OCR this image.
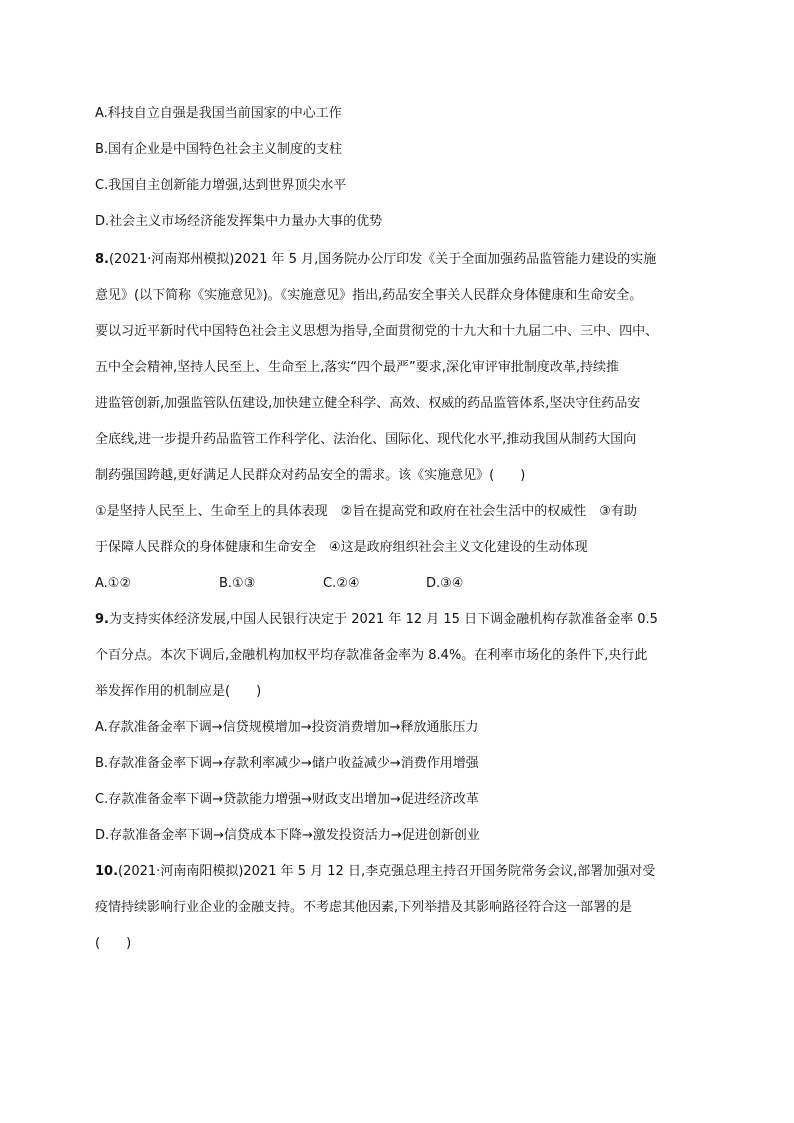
A.科技自立自强是我国当前国家的中心工作
B.国有企业是中国特色社会主义制度的支柱
C.我国自主创新能力增强,达到世界顶尖水平
D.社会主义市场经济能发挥集中力量办大事的优势
8.(2021·河南郑州模拟)2021 年 5 月,国务院办公厅印发《关于全面加强药品监管能力建设的实施
意见》(以下简称《实施意见》)。《实施意见》指出,药品安全事关人民群众身体健康和生命安全。
要以习近平新时代中国特色社会主义思想为指导,全面贯彻党的十九大和十九届二中、三中、四中、
五中全会精神,坚持人民至上、生命至上,落实“四个最严”要求,深化审评审批制度改革,持续推
进监管创新,加强监管队伍建设,加快建立健全科学、高效、权威的药品监管体系,坚决守住药品安
全底线,进一步提升药品监管工作科学化、法治化、国际化、现代化水平,推动我国从制药大国向
制药强国跨越,更好满足人民群众对药品安全的需求。该《实施意见》(　　)
①是坚持人民至上、生命至上的具体表现　②旨在提高党和政府在社会生活中的权威性　③有助
于保障人民群众的身体健康和生命安全　④这是政府组织社会主义文化建设的生动体现
A.①②	B.①③	C.②④	D.③④
9.为支持实体经济发展,中国人民银行决定于 2021 年 12 月 15 日下调金融机构存款准备金率 0.5
个百分点。本次下调后,金融机构加权平均存款准备金率为 8.4%。在利率市场化的条件下,央行此
举发挥作用的机制应是(　　)
A.存款准备金率下调→信贷规模增加→投资消费增加→释放通胀压力
B.存款准备金率下调→存款利率减少→储户收益减少→消费作用增强
C.存款准备金率下调→贷款能力增强→财政支出增加→促进经济改革
D.存款准备金率下调→信贷成本下降→激发投资活力→促进创新创业
10.(2021·河南南阳模拟)2021 年 5 月 12 日,李克强总理主持召开国务院常务会议,部署加强对受
疫情持续影响行业企业的金融支持。不考虑其他因素,下列举措及其影响路径符合这一部署的是
(　　)
